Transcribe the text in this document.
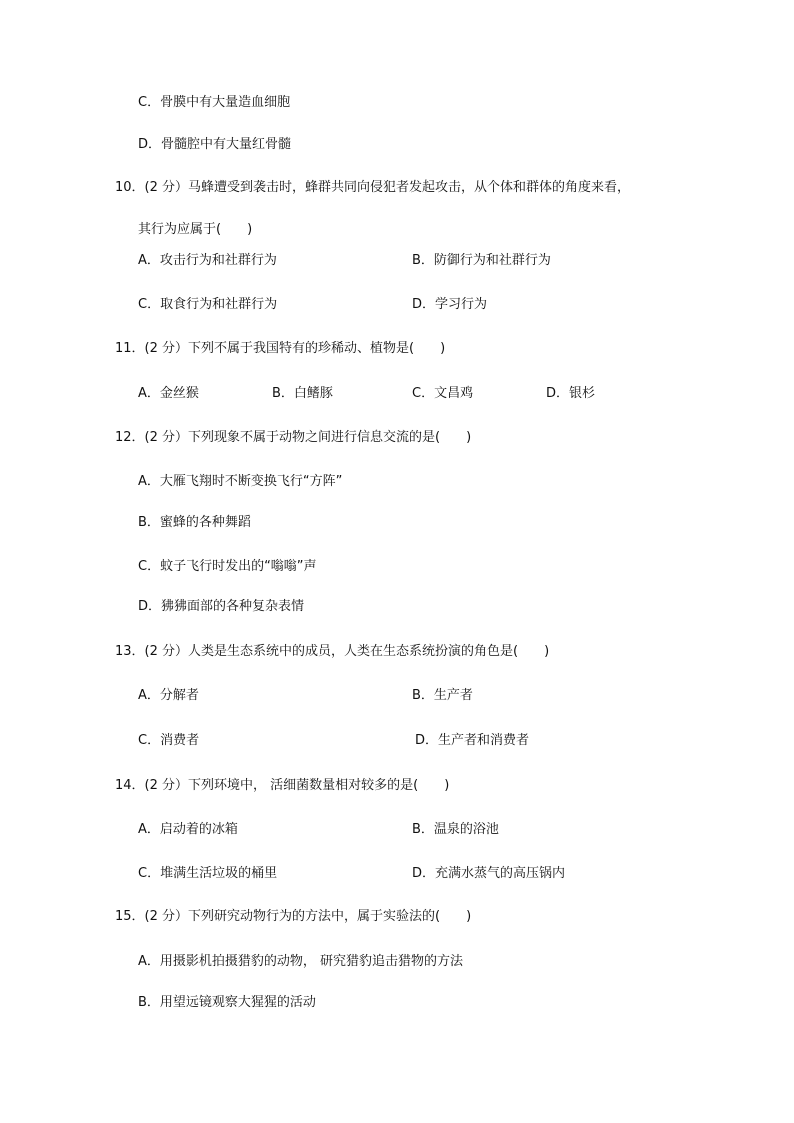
C．骨膜中有大量造血细胞
D．骨髓腔中有大量红骨髓
10．(2 分）马蜂遭受到袭击时，蜂群共同向侵犯者发起攻击，从个体和群体的角度来看，
其行为应属于(　　)
A．攻击行为和社群行为	B．防御行为和社群行为
C．取食行为和社群行为	D．学习行为
11．(2 分）下列不属于我国特有的珍稀动、植物是(　　)
A．金丝猴	B．白鳍豚	C．文昌鸡	D．银杉
12．(2 分）下列现象不属于动物之间进行信息交流的是(　　)
A．大雁飞翔时不断变换飞行“方阵”
B．蜜蜂的各种舞蹈
C．蚊子飞行时发出的“嗡嗡”声
D．狒狒面部的各种复杂表情
13．(2 分）人类是生态系统中的成员，人类在生态系统扮演的角色是(　　)
A．分解者	B．生产者
C．消费者	D．生产者和消费者
14．(2 分）下列环境中， 活细菌数量相对较多的是(　　)
A．启动着的冰箱	B．温泉的浴池
C．堆满生活垃圾的桶里	D．充满水蒸气的高压锅内
15．(2 分）下列研究动物行为的方法中，属于实验法的(　　)
A．用摄影机拍摄猎豹的动物， 研究猎豹追击猎物的方法
B．用望远镜观察大猩猩的活动
